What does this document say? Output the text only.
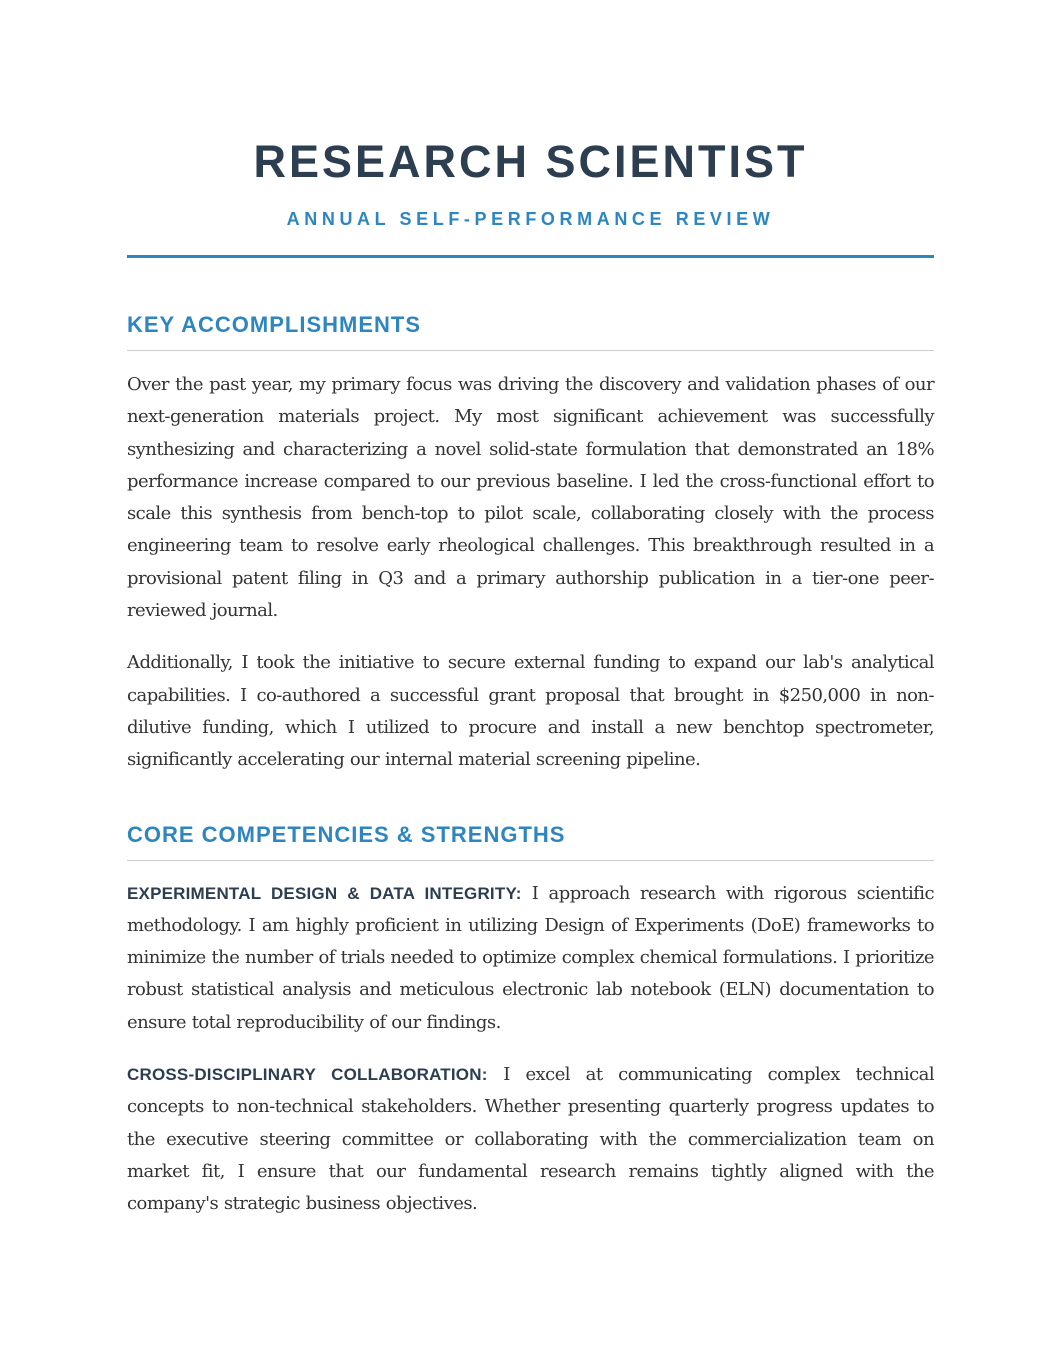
RESEARCH SCIENTIST
ANNUAL SELF-PERFORMANCE REVIEW
KEY ACCOMPLISHMENTS

Over the past year, my primary focus was driving the discovery and validation phases of our next-generation materials project. My most significant achievement was successfully synthesizing and characterizing a novel solid-state formulation that demonstrated an 18% performance increase compared to our previous baseline. I led the cross-functional effort to scale this synthesis from bench-top to pilot scale, collaborating closely with the process engineering team to resolve early rheological challenges. This breakthrough resulted in a provisional patent filing in Q3 and a primary authorship publication in a tier-one peer-reviewed journal.

Additionally, I took the initiative to secure external funding to expand our lab's analytical capabilities. I co-authored a successful grant proposal that brought in $250,000 in non-dilutive funding, which I utilized to procure and install a new benchtop spectrometer, significantly accelerating our internal material screening pipeline.

CORE COMPETENCIES & STRENGTHS

EXPERIMENTAL DESIGN & DATA INTEGRITY: I approach research with rigorous scientific methodology. I am highly proficient in utilizing Design of Experiments (DoE) frameworks to minimize the number of trials needed to optimize complex chemical formulations. I prioritize robust statistical analysis and meticulous electronic lab notebook (ELN) documentation to ensure total reproducibility of our findings.

CROSS-DISCIPLINARY COLLABORATION: I excel at communicating complex technical concepts to non-technical stakeholders. Whether presenting quarterly progress updates to the executive steering committee or collaborating with the commercialization team on market fit, I ensure that our fundamental research remains tightly aligned with the company's strategic business objectives.
